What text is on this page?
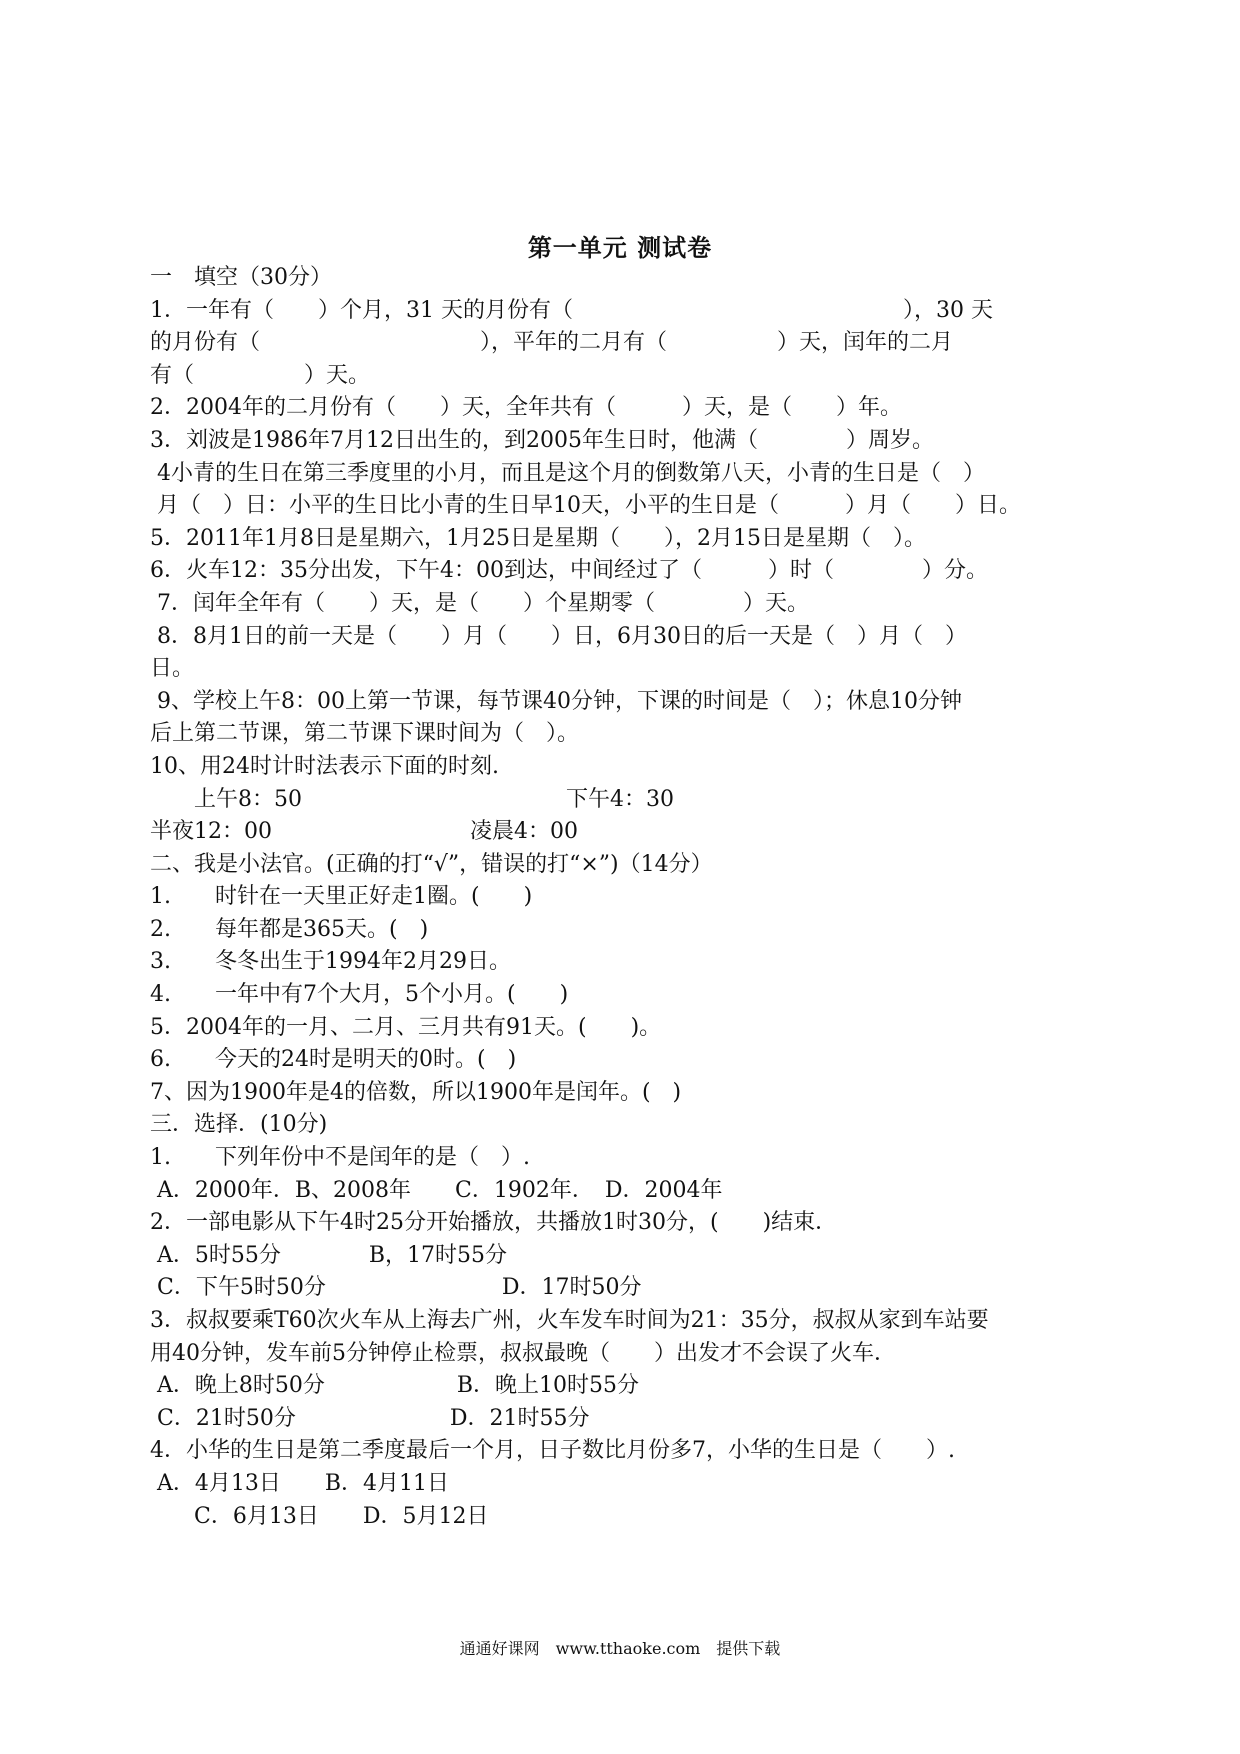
第一单元 测试卷
一　填空（30分）
1．一年有（　　）个月，31 天的月份有（　　　　　　　　　　　　　　　），30 天
的月份有（　　　　　　　　　　），平年的二月有（　　　　　）天，闰年的二月
有（　　　　　）天。
2．2004年的二月份有（　　）天，全年共有（　　　）天，是（　　）年。
3．刘波是1986年7月12日出生的，到2005年生日时，他满（　　　　）周岁。
4小青的生日在第三季度里的小月，而且是这个月的倒数第八天，小青的生日是（　）
月（　）日：小平的生日比小青的生日早10天，小平的生日是（　　　）月（　　）日。
5．2011年1月8日是星期六，1月25日是星期（　　），2月15日是星期（　）。
6．火车12：35分出发，下午4：00到达，中间经过了（　　　）时（　　　　）分。
7．闰年全年有（　　）天，是（　　）个星期零（　　　　）天。
8．8月1日的前一天是（　　）月（　　）日，6月30日的后一天是（　）月（　）
日。
9、学校上午8：00上第一节课，每节课40分钟，下课的时间是（　）；休息10分钟
后上第二节课，第二节课下课时间为（　）。
10、用24时计时法表示下面的时刻.
　　上午8：50　　　　　　　　　　　　下午4：30
半夜12：00　　　　　　　　　凌晨4：00
二、我是小法官。(正确的打“√”，错误的打“×”)（14分）
1.　　时针在一天里正好走1圈。(　　)
2.　　每年都是365天。(　)
3.　　冬冬出生于1994年2月29日。
4.　　一年中有7个大月，5个小月。(　　)
5．2004年的一月、二月、三月共有91天。(　　)。
6.　　今天的24时是明天的0时。(　)
7、因为1900年是4的倍数，所以1900年是闰年。(　)
三．选择．(10分)
1.　　下列年份中不是闰年的是（　）.
A．2000年．B、2008年　　C．1902年．　D．2004年
2．一部电影从下午4时25分开始播放，共播放1时30分，(　　)结束．
A．5时55分　　　　B，17时55分
C．下午5时50分　　　　　　　　D．17时50分
3．叔叔要乘T60次火车从上海去广州，火车发车时间为21：35分，叔叔从家到车站要
用40分钟，发车前5分钟停止检票，叔叔最晚（　　）出发才不会误了火车．
A．晚上8时50分　　　　　　B．晚上10时55分
C．21时50分　　　　　　　D．21时55分
4．小华的生日是第二季度最后一个月，日子数比月份多7，小华的生日是（　　）.
A．4月13日　　B．4月11日
　　C．6月13日　　D．5月12日
通通好课网　www.tthaoke.com　提供下载
